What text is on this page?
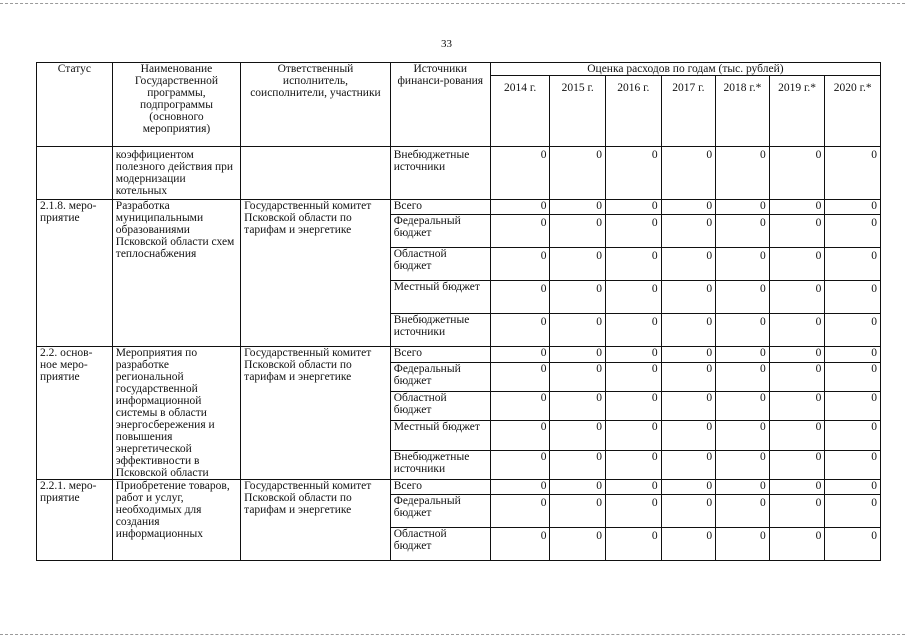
33
Статус	Наименование Государственной программы, подпрограммы (основного мероприятия)	Ответственный исполнитель, соисполнители, участники	Источники финанси-рования	Оценка расходов по годам (тыс. рублей)						
				2014 г.	2015 г.	2016 г.	2017 г.	2018 г.*	2019 г.*	2020 г.*
	коэффициентом полезного действия при модернизации котельных		Внебюджетные источники	0	0	0	0	0	0	0
2.1.8. меро-приятие	Разработка муниципальными образованиями Псковской области схем теплоснабжения	Государственный комитет Псковской области по тарифам и энергетике	Всего	0	0	0	0	0	0	0
			Федеральный бюджет	0	0	0	0	0	0	0
			Областной бюджет	0	0	0	0	0	0	0
			Местный бюджет	0	0	0	0	0	0	0
			Внебюджетные источники	0	0	0	0	0	0	0
2.2. основ-ное меро-приятие	Мероприятия по разработке региональной государственной информационной системы в области энергосбережения и повышения энергетической эффективности в Псковской области	Государственный комитет Псковской области по тарифам и энергетике	Всего	0	0	0	0	0	0	0
			Федеральный бюджет	0	0	0	0	0	0	0
			Областной бюджет	0	0	0	0	0	0	0
			Местный бюджет	0	0	0	0	0	0	0
			Внебюджетные источники	0	0	0	0	0	0	0
2.2.1. меро-приятие	Приобретение товаров, работ и услуг, необходимых для создания информационных	Государственный комитет Псковской области по тарифам и энергетике	Всего	0	0	0	0	0	0	0
			Федеральный бюджет	0	0	0	0	0	0	0
			Областной бюджет	0	0	0	0	0	0	0
